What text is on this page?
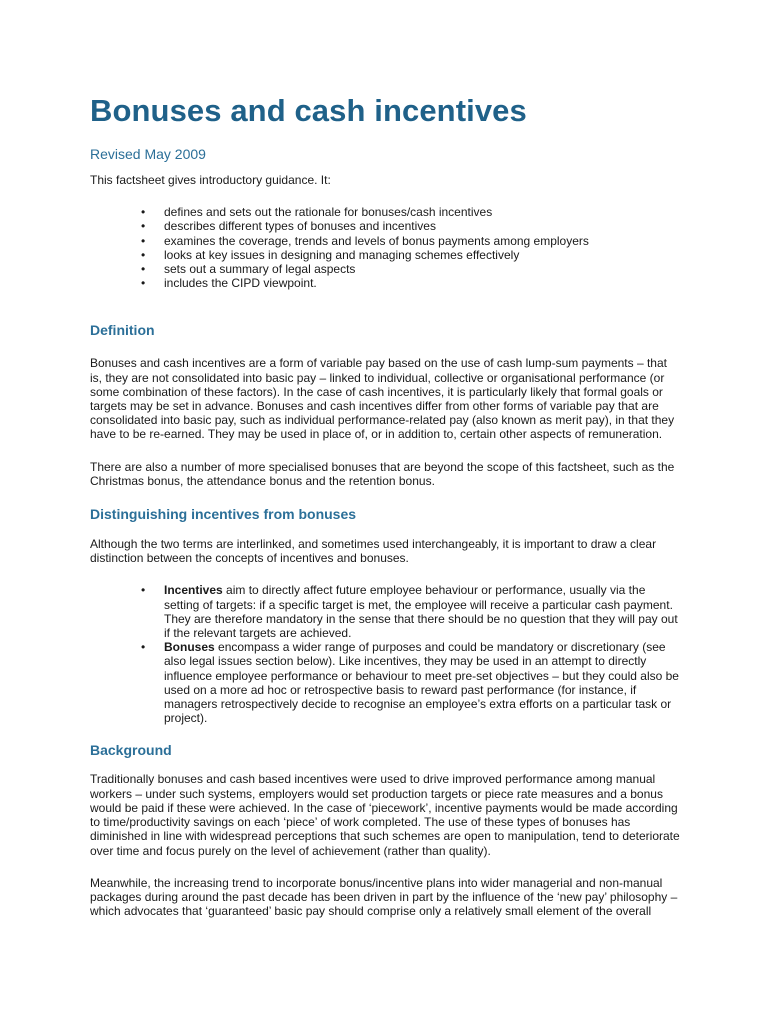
Bonuses and cash incentives
Revised May 2009

This factsheet gives introductory guidance. It:

• defines and sets out the rationale for bonuses/cash incentives
• describes different types of bonuses and incentives
• examines the coverage, trends and levels of bonus payments among employers
• looks at key issues in designing and managing schemes effectively
• sets out a summary of legal aspects
• includes the CIPD viewpoint.
Definition

Bonuses and cash incentives are a form of variable pay based on the use of cash lump-sum payments – that is, they are not consolidated into basic pay – linked to individual, collective or organisational performance (or some combination of these factors). In the case of cash incentives, it is particularly likely that formal goals or targets may be set in advance. Bonuses and cash incentives differ from other forms of variable pay that are consolidated into basic pay, such as individual performance-related pay (also known as merit pay), in that they have to be re-earned. They may be used in place of, or in addition to, certain other aspects of remuneration.

There are also a number of more specialised bonuses that are beyond the scope of this factsheet, such as the Christmas bonus, the attendance bonus and the retention bonus.

Distinguishing incentives from bonuses

Although the two terms are interlinked, and sometimes used interchangeably, it is important to draw a clear distinction between the concepts of incentives and bonuses.

• Incentives aim to directly affect future employee behaviour or performance, usually via the setting of targets: if a specific target is met, the employee will receive a particular cash payment. They are therefore mandatory in the sense that there should be no question that they will pay out if the relevant targets are achieved.
• Bonuses encompass a wider range of purposes and could be mandatory or discretionary (see also legal issues section below). Like incentives, they may be used in an attempt to directly influence employee performance or behaviour to meet pre-set objectives – but they could also be used on a more ad hoc or retrospective basis to reward past performance (for instance, if managers retrospectively decide to recognise an employee’s extra efforts on a particular task or project).
Background

Traditionally bonuses and cash based incentives were used to drive improved performance among manual workers – under such systems, employers would set production targets or piece rate measures and a bonus would be paid if these were achieved. In the case of ‘piecework’, incentive payments would be made according to time/productivity savings on each ‘piece’ of work completed. The use of these types of bonuses has diminished in line with widespread perceptions that such schemes are open to manipulation, tend to deteriorate over time and focus purely on the level of achievement (rather than quality).

Meanwhile, the increasing trend to incorporate bonus/incentive plans into wider managerial and non-manual packages during around the past decade has been driven in part by the influence of the ‘new pay’ philosophy – which advocates that ‘guaranteed’ basic pay should comprise only a relatively small element of the overall
